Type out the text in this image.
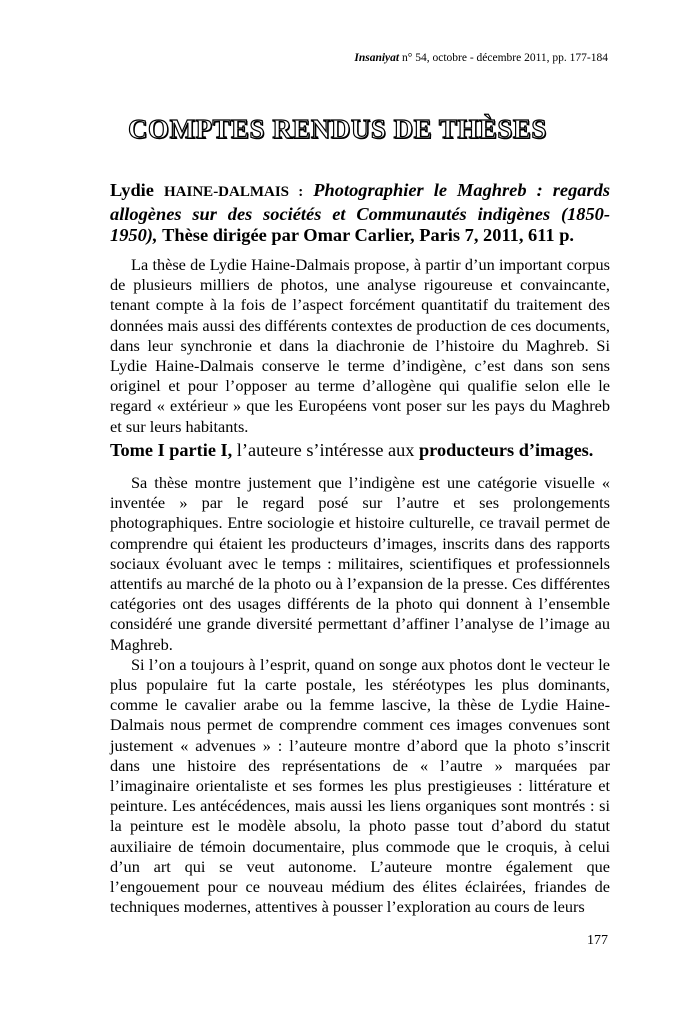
Insaniyat n° 54, octobre - décembre 2011, pp. 177-184
COMPTES RENDUS DE THÈSES
Lydie HAINE-DALMAIS : Photographier le Maghreb : regards allogènes sur des sociétés et Communautés indigènes (1850-1950), Thèse dirigée par Omar Carlier, Paris 7, 2011, 611 p.

La thèse de Lydie Haine-Dalmais propose, à partir d’un important corpus de plusieurs milliers de photos, une analyse rigoureuse et convaincante, tenant compte à la fois de l’aspect forcément quantitatif du traitement des données mais aussi des différents contextes de production de ces documents, dans leur synchronie et dans la diachronie de l’histoire du Maghreb. Si Lydie Haine-Dalmais conserve le terme d’indigène, c’est dans son sens originel et pour l’opposer au terme d’allogène qui qualifie selon elle le regard « extérieur » que les Européens vont poser sur les pays du Maghreb et sur leurs habitants.

Tome I partie I, l’auteure s’intéresse aux producteurs d’images.

Sa thèse montre justement que l’indigène est une catégorie visuelle « inventée » par le regard posé sur l’autre et ses prolongements photographiques. Entre sociologie et histoire culturelle, ce travail permet de comprendre qui étaient les producteurs d’images, inscrits dans des rapports sociaux évoluant avec le temps : militaires, scientifiques et professionnels attentifs au marché de la photo ou à l’expansion de la presse. Ces différentes catégories ont des usages différents de la photo qui donnent à l’ensemble considéré une grande diversité permettant d’affiner l’analyse de l’image au Maghreb.

Si l’on a toujours à l’esprit, quand on songe aux photos dont le vecteur le plus populaire fut la carte postale, les stéréotypes les plus dominants, comme le cavalier arabe ou la femme lascive, la thèse de Lydie Haine-Dalmais nous permet de comprendre comment ces images convenues sont justement « advenues » : l’auteure montre d’abord que la photo s’inscrit dans une histoire des représentations de « l’autre » marquées par l’imaginaire orientaliste et ses formes les plus prestigieuses : littérature et peinture. Les antécédences, mais aussi les liens organiques sont montrés : si la peinture est le modèle absolu, la photo passe tout d’abord du statut auxiliaire de témoin documentaire, plus commode que le croquis, à celui d’un art qui se veut autonome. L’auteure montre également que l’engouement pour ce nouveau médium des élites éclairées, friandes de techniques modernes, attentives à pousser l’exploration au cours de leurs

177
